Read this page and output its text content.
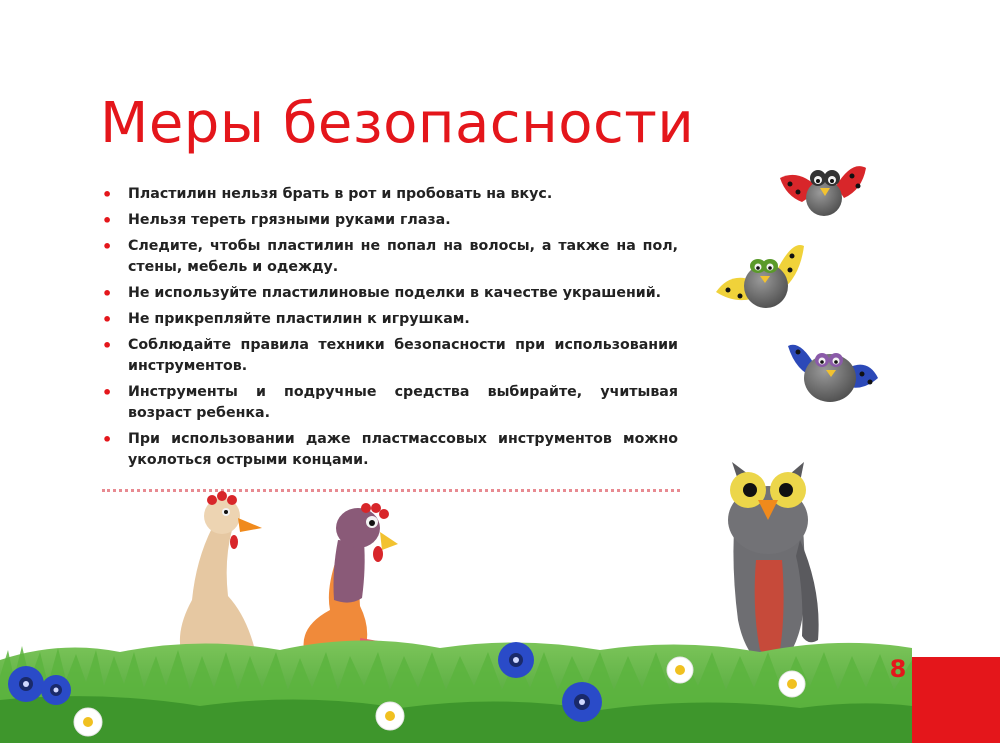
Меры безопасности
• Пластилин нельзя брать в рот и пробовать на вкус.
• Нельзя тереть грязными руками глаза.
• Следите, чтобы пластилин не попал на волосы, а также на пол, стены, мебель и одежду.
• Не используйте пластилиновые поделки в качестве украшений.
• Не прикрепляйте пластилин к игрушкам.
• Соблюдайте правила техники безопасности при использовании инструментов.
• Инструменты и подручные средства выбирайте, учитывая возраст ребенка.
• При использовании даже пластмассовых инструментов можно уколоться острыми концами.
8
